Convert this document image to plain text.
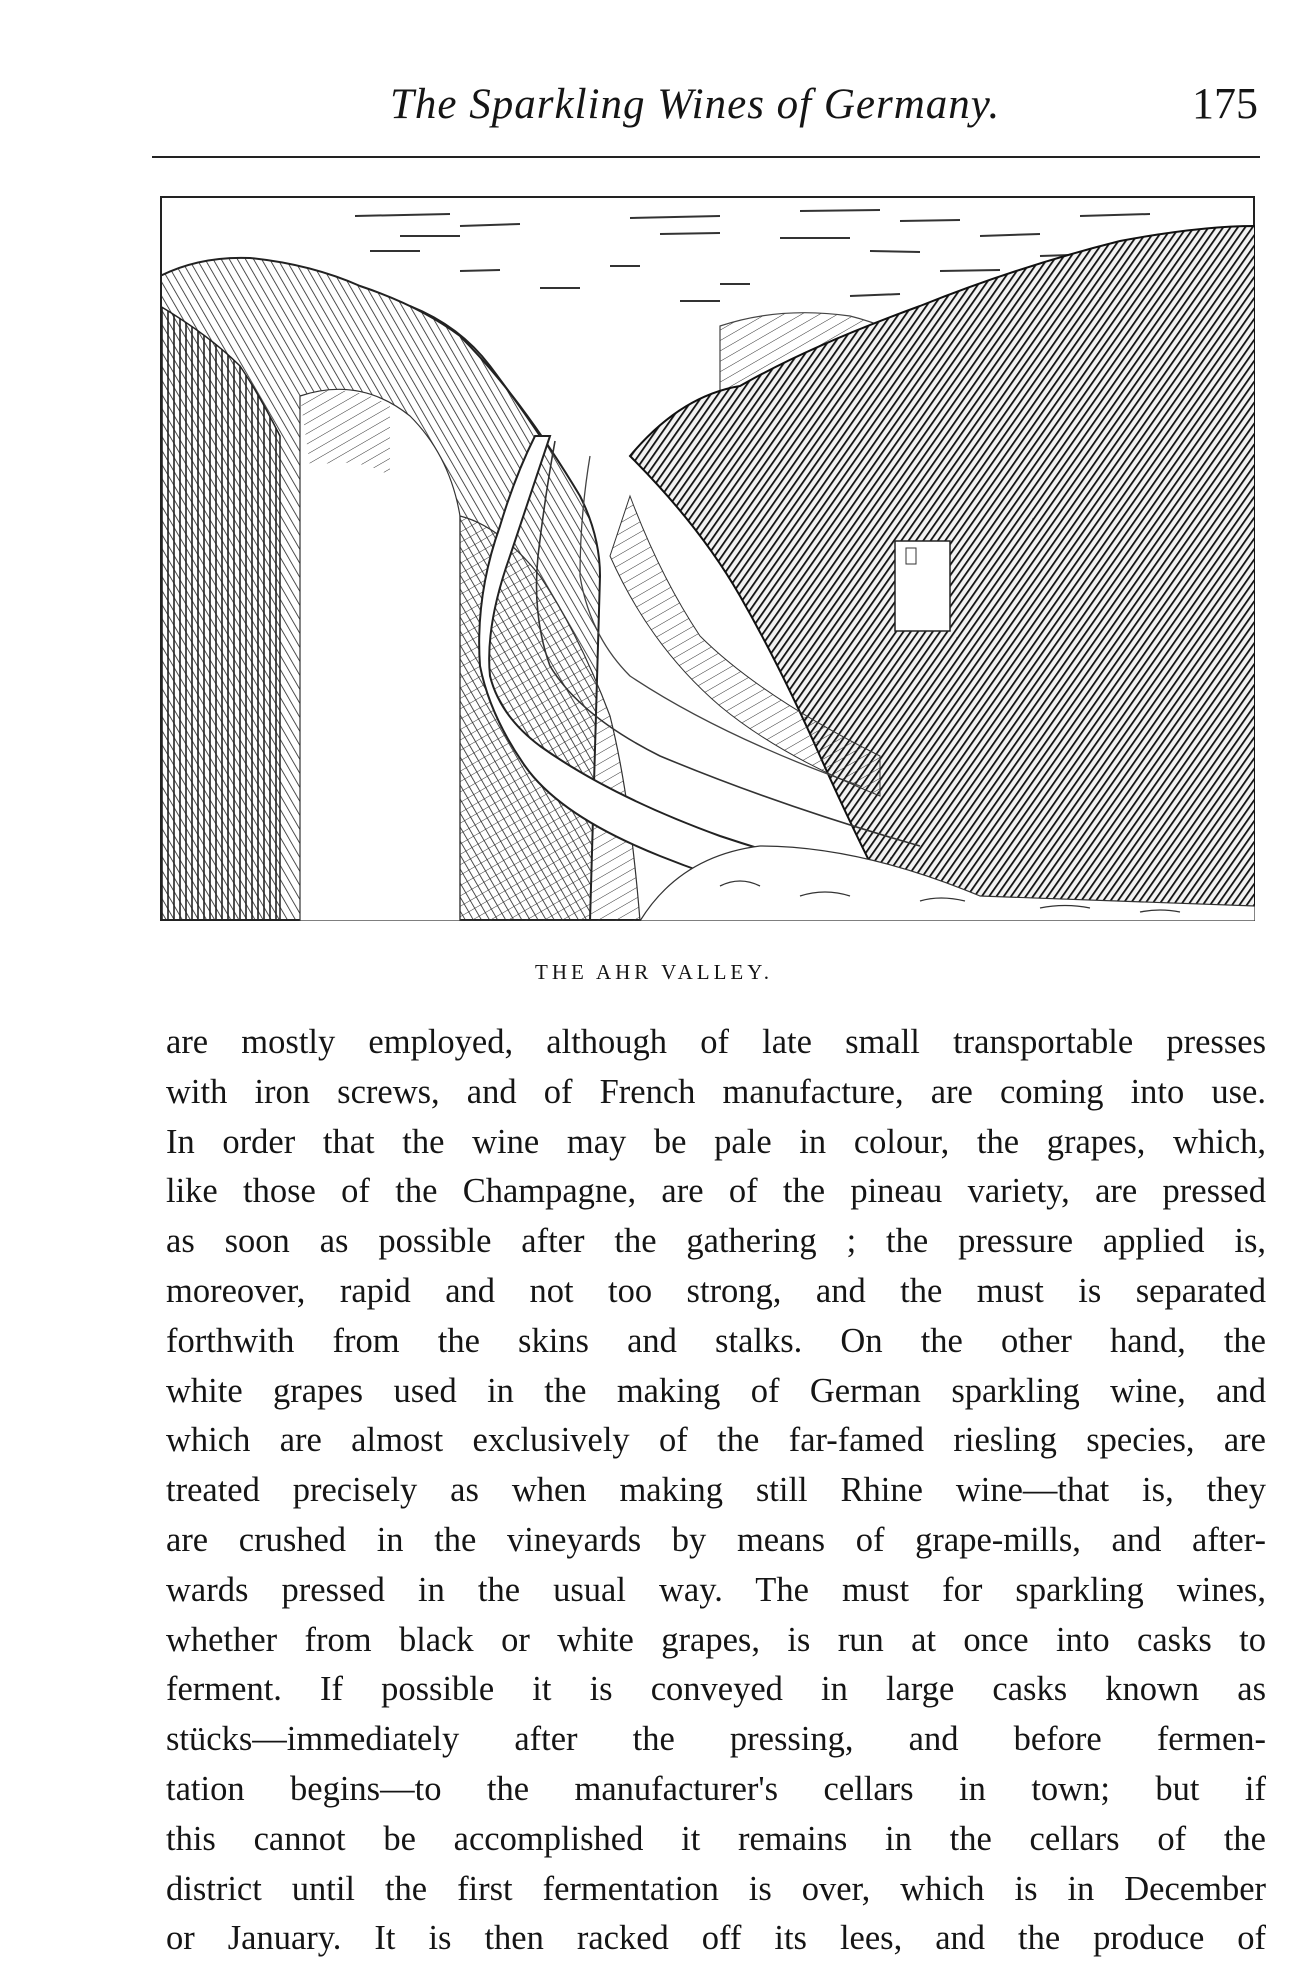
The Sparkling Wines of Germany.	175
THE AHR VALLEY.
are mostly employed, although of late small transportable presses
with iron screws, and of French manufacture, are coming into use.
In order that the wine may be pale in colour, the grapes, which,
like those of the Champagne, are of the pineau variety, are pressed
as soon as possible after the gathering ; the pressure applied is,
moreover, rapid and not too strong, and the must is separated
forthwith from the skins and stalks. On the other hand, the
white grapes used in the making of German sparkling wine, and
which are almost exclusively of the far-famed riesling species, are
treated precisely as when making still Rhine wine—that is, they
are crushed in the vineyards by means of grape-mills, and after-
wards pressed in the usual way. The must for sparkling wines,
whether from black or white grapes, is run at once into casks to
ferment. If possible it is conveyed in large casks known as
stücks—immediately after the pressing, and before fermen-
tation begins—to the manufacturer's cellars in town; but if
this cannot be accomplished it remains in the cellars of the
district until the first fermentation is over, which is in December
or January. It is then racked off its lees, and the produce of
